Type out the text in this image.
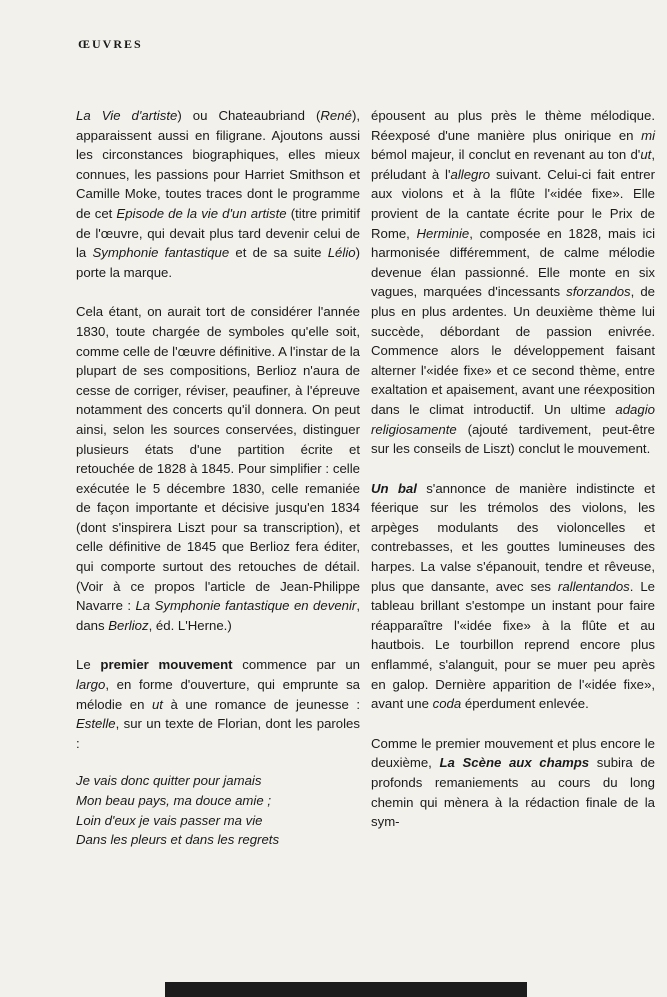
ŒUVRES

La Vie d'artiste) ou Chateaubriand (René), apparaissent aussi en filigrane. Ajoutons aussi les circonstances biographiques, elles mieux connues, les passions pour Harriet Smithson et Camille Moke, toutes traces dont le programme de cet Episode de la vie d'un artiste (titre primitif de l'œuvre, qui devait plus tard devenir celui de la Symphonie fantastique et de sa suite Lélio) porte la marque.

Cela étant, on aurait tort de considérer l'année 1830, toute chargée de symboles qu'elle soit, comme celle de l'œuvre définitive. A l'instar de la plupart de ses compositions, Berlioz n'aura de cesse de corriger, réviser, peaufiner, à l'épreuve notamment des concerts qu'il donnera. On peut ainsi, selon les sources conservées, distinguer plusieurs états d'une partition écrite et retouchée de 1828 à 1845. Pour simplifier : celle exécutée le 5 décembre 1830, celle remaniée de façon importante et décisive jusqu'en 1834 (dont s'inspirera Liszt pour sa transcription), et celle définitive de 1845 que Berlioz fera éditer, qui comporte surtout des retouches de détail. (Voir à ce propos l'article de Jean-Philippe Navarre : La Symphonie fantastique en devenir, dans Berlioz, éd. L'Herne.)

Le premier mouvement commence par un largo, en forme d'ouverture, qui emprunte sa mélodie en ut à une romance de jeunesse : Estelle, sur un texte de Florian, dont les paroles :

Je vais donc quitter pour jamais
Mon beau pays, ma douce amie ;
Loin d'eux je vais passer ma vie
Dans les pleurs et dans les regrets

épousent au plus près le thème mélodique. Réexposé d'une manière plus onirique en mi bémol majeur, il conclut en revenant au ton d'ut, préludant à l'allegro suivant. Celui-ci fait entrer aux violons et à la flûte l'«idée fixe». Elle provient de la cantate écrite pour le Prix de Rome, Herminie, composée en 1828, mais ici harmonisée différemment, de calme mélodie devenue élan passionné. Elle monte en six vagues, marquées d'incessants sforzandos, de plus en plus ardentes. Un deuxième thème lui succède, débordant de passion enivrée. Commence alors le développement faisant alterner l'«idée fixe» et ce second thème, entre exaltation et apaisement, avant une réexposition dans le climat introductif. Un ultime adagio religiosamente (ajouté tardivement, peut-être sur les conseils de Liszt) conclut le mouvement.

Un bal s'annonce de manière indistincte et féerique sur les trémolos des violons, les arpèges modulants des violoncelles et contrebasses, et les gouttes lumineuses des harpes. La valse s'épanouit, tendre et rêveuse, plus que dansante, avec ses rallentandos. Le tableau brillant s'estompe un instant pour faire réapparaître l'«idée fixe» à la flûte et au hautbois. Le tourbillon reprend encore plus enflammé, s'alanguit, pour se muer peu après en galop. Dernière apparition de l'«idée fixe», avant une coda éperdument enlevée.

Comme le premier mouvement et plus encore le deuxième, La Scène aux champs subira de profonds remaniements au cours du long chemin qui mènera à la rédaction finale de la sym-
